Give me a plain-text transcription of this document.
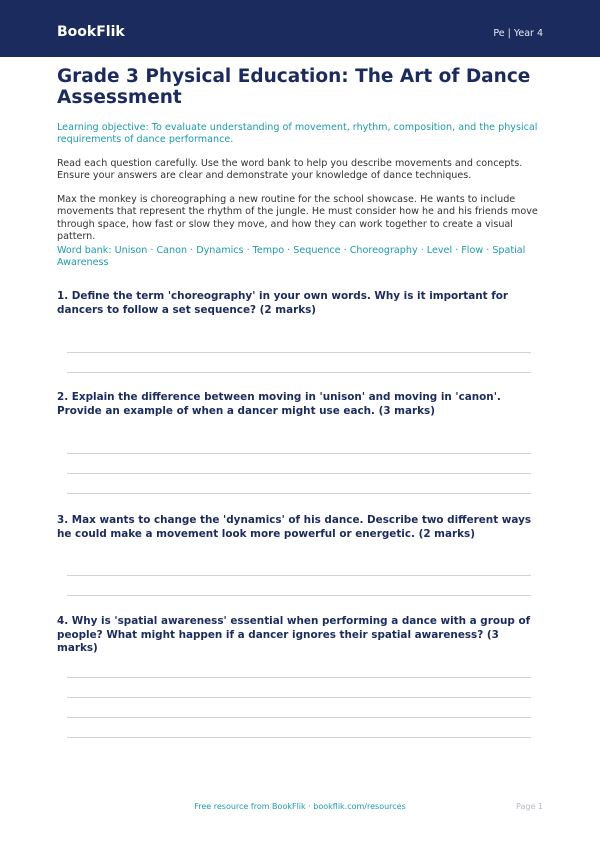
BookFlik	Pe | Year 4
Grade 3 Physical Education: The Art of Dance Assessment

Learning objective: To evaluate understanding of movement, rhythm, composition, and the physical requirements of dance performance.

Read each question carefully. Use the word bank to help you describe movements and concepts. Ensure your answers are clear and demonstrate your knowledge of dance techniques.

Max the monkey is choreographing a new routine for the school showcase. He wants to include movements that represent the rhythm of the jungle. He must consider how he and his friends move through space, how fast or slow they move, and how they can work together to create a visual pattern.

Word bank: Unison · Canon · Dynamics · Tempo · Sequence · Choreography · Level · Flow · Spatial Awareness

1. Define the term 'choreography' in your own words. Why is it important for dancers to follow a set sequence? (2 marks)
2. Explain the difference between moving in 'unison' and moving in 'canon'. Provide an example of when a dancer might use each. (3 marks)
3. Max wants to change the 'dynamics' of his dance. Describe two different ways he could make a movement look more powerful or energetic. (2 marks)
4. Why is 'spatial awareness' essential when performing a dance with a group of people? What might happen if a dancer ignores their spatial awareness? (3 marks)
Free resource from BookFlik · bookflik.com/resources	Page 1
